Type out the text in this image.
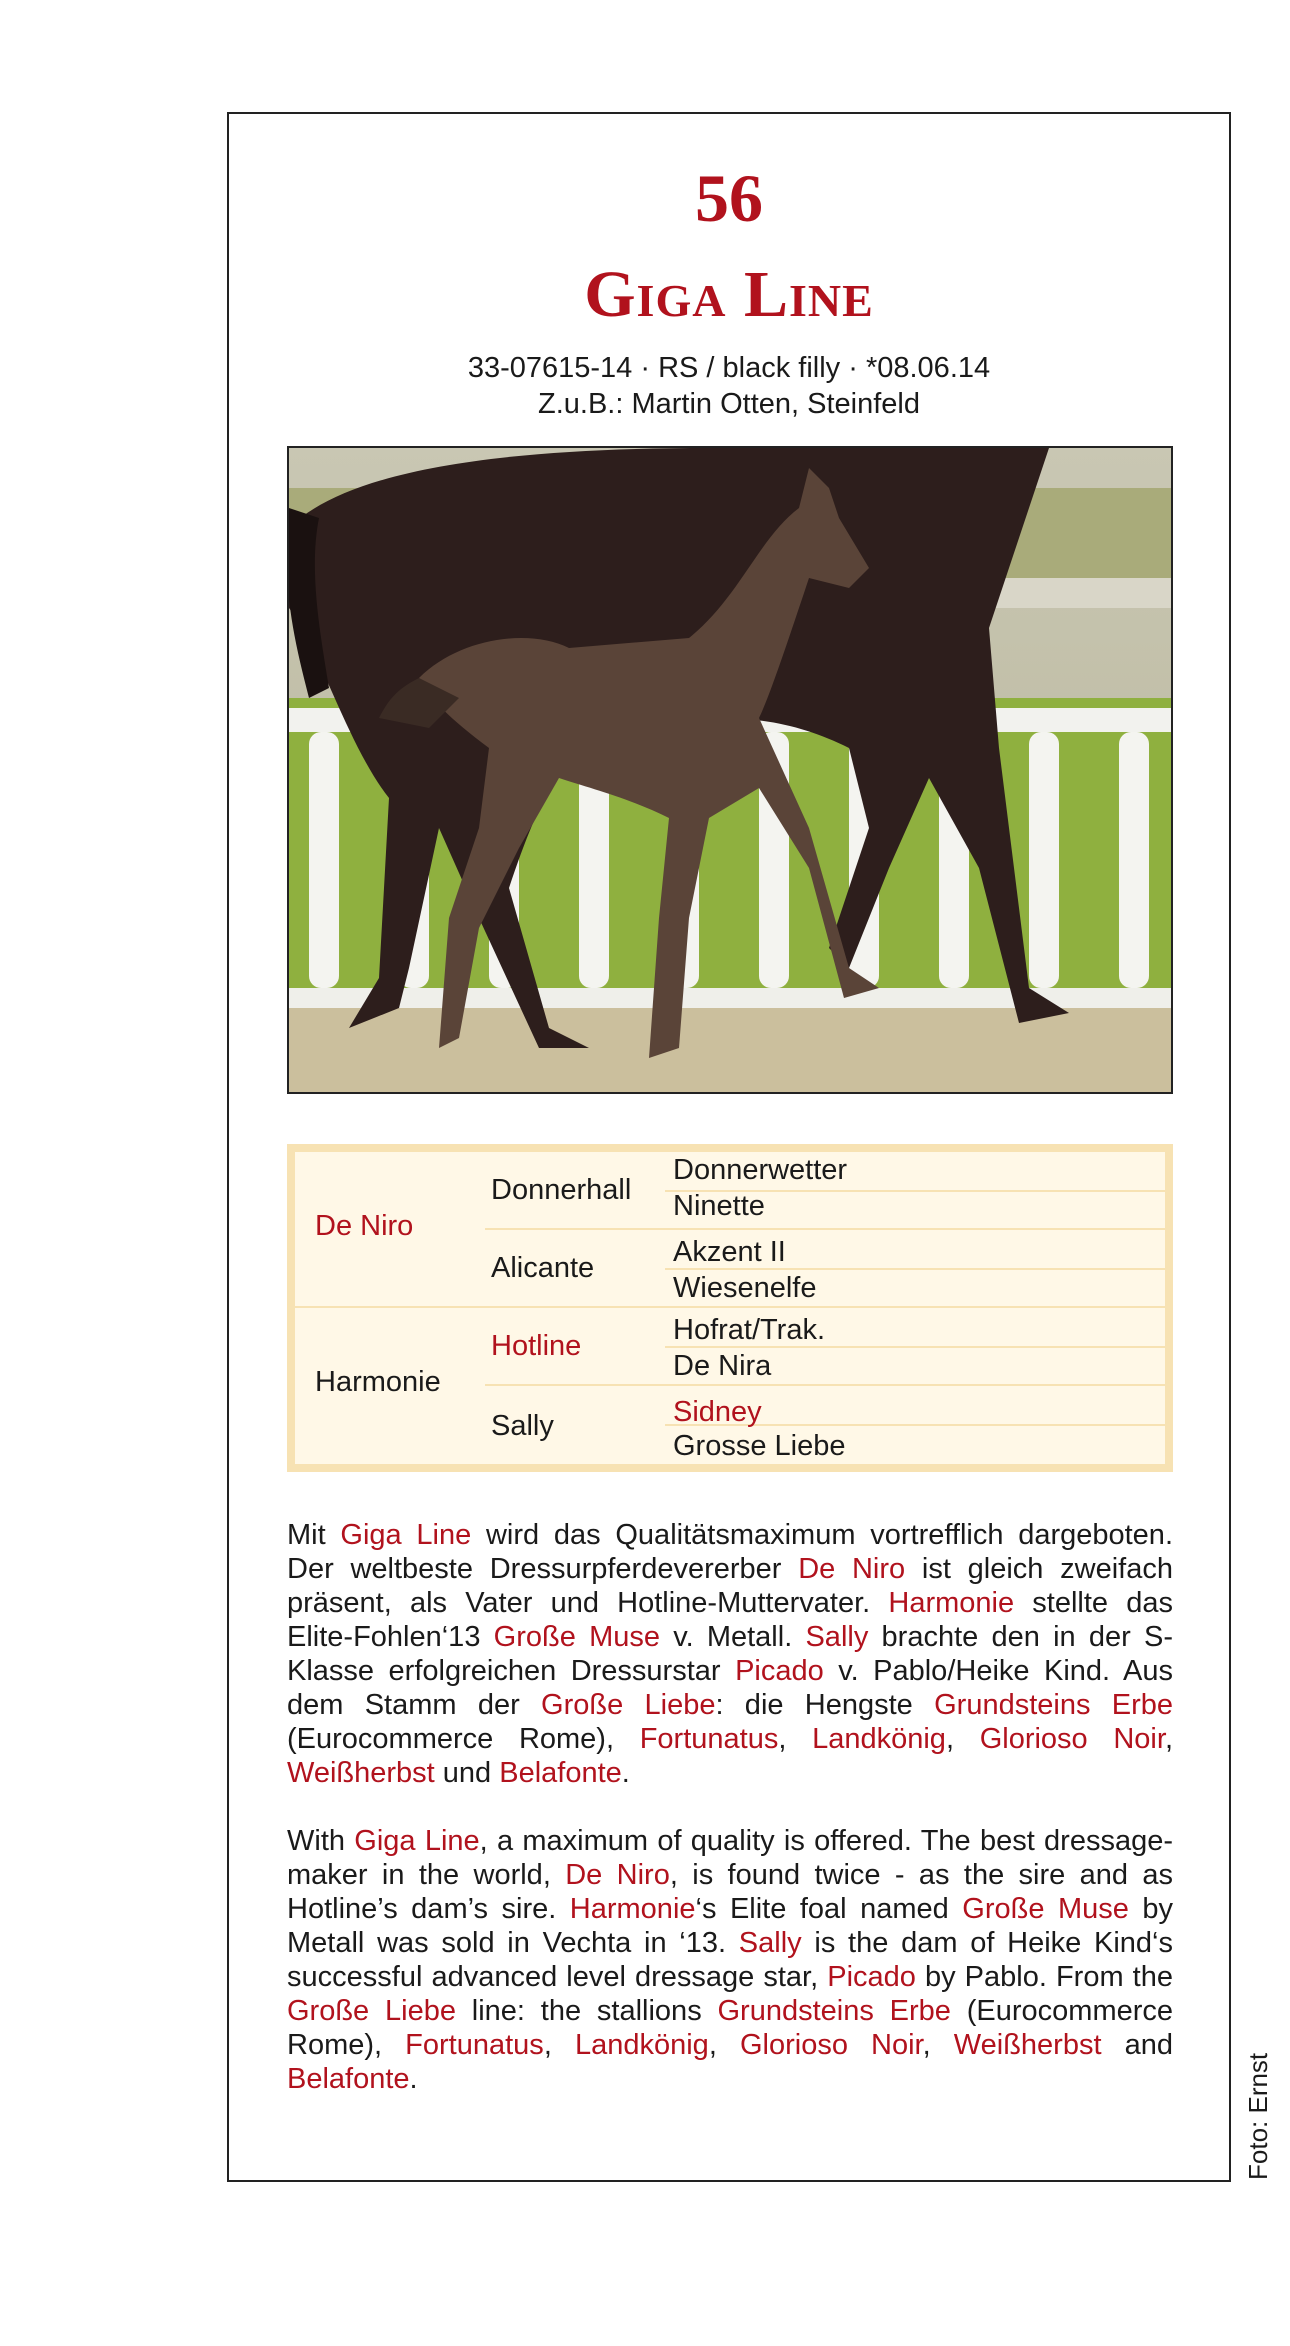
56
Giga Line
33-07615-14 · RS / black filly · *08.06.14
Z.u.B.: Martin Otten, Steinfeld
De Niro
Harmonie
Donnerhall
Alicante
Hotline
Sally
Donnerwetter
Ninette
Akzent II
Wiesenelfe
Hofrat/Trak.
De Nira
Sidney
Grosse Liebe

Mit Giga Line wird das Qualitätsmaximum vortrefflich dargeboten. Der weltbeste Dressurpferdevererber De Niro ist gleich zweifach präsent, als Vater und Hotline-Muttervater. Harmonie stellte das Elite-Fohlen‘13 Große Muse v. Metall. Sally brachte den in der S-Klasse erfolgreichen Dressurstar Picado v. Pablo/Heike Kind. Aus dem Stamm der Große Liebe: die Hengste Grundsteins Erbe (Eurocommerce Rome), Fortunatus, Landkönig, Glorioso Noir, Weißherbst und Belafonte.

With Giga Line, a maximum of quality is offered. The best dressage-maker in the world, De Niro, is found twice - as the sire and as Hotline’s dam’s sire. Harmonie‘s Elite foal named Große Muse by Metall was sold in Vechta in ‘13. Sally is the dam of Heike Kind‘s successful advanced level dressage star, Picado by Pablo. From the Große Liebe line: the stallions Grundsteins Erbe (Eurocommerce Rome), Fortunatus, Landkönig, Glorioso Noir, Weißherbst and Belafonte.	Foto: Ernst
